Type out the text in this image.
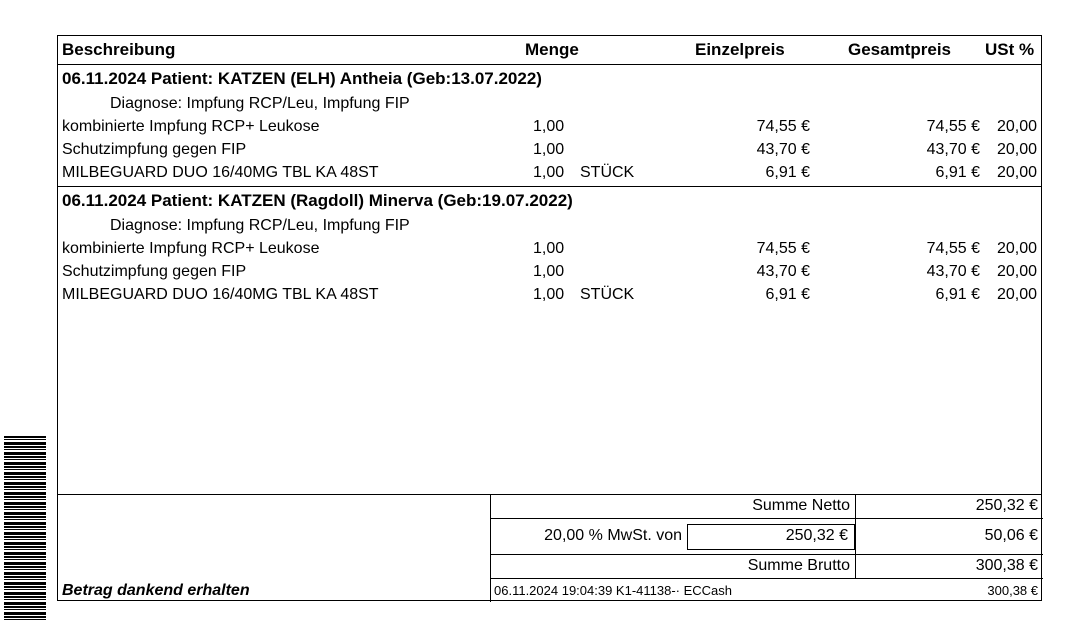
Beschreibung	Menge	Einzelpreis	Gesamtpreis USt %
06.11.2024 Patient: KATZEN (ELH) Antheia (Geb:13.07.2022)
Diagnose: Impfung RCP/Leu, Impfung FIP
kombinierte Impfung RCP+ Leukose	1,00	74,55 €	74,55 €	20,00
Schutzimpfung gegen FIP	1,00	43,70 €	43,70 €	20,00
MILBEGUARD DUO 16/40MG TBL KA 48ST	1,00 STÜCK	6,91 €	6,91 €	20,00
06.11.2024 Patient: KATZEN (Ragdoll) Minerva (Geb:19.07.2022)
Diagnose: Impfung RCP/Leu, Impfung FIP
kombinierte Impfung RCP+ Leukose	1,00	74,55 €	74,55 €	20,00
Schutzimpfung gegen FIP	1,00	43,70 €	43,70 €	20,00
MILBEGUARD DUO 16/40MG TBL KA 48ST	1,00 STÜCK	6,91 €	6,91 €	20,00
Summe Netto	250,32 €
20,00 % MwSt. von	250,32 €	50,06 €
Summe Brutto	300,38 €
Betrag dankend erhalten	06.11.2024 19:04:39 K1-41138-· ECCash	300,38 €
